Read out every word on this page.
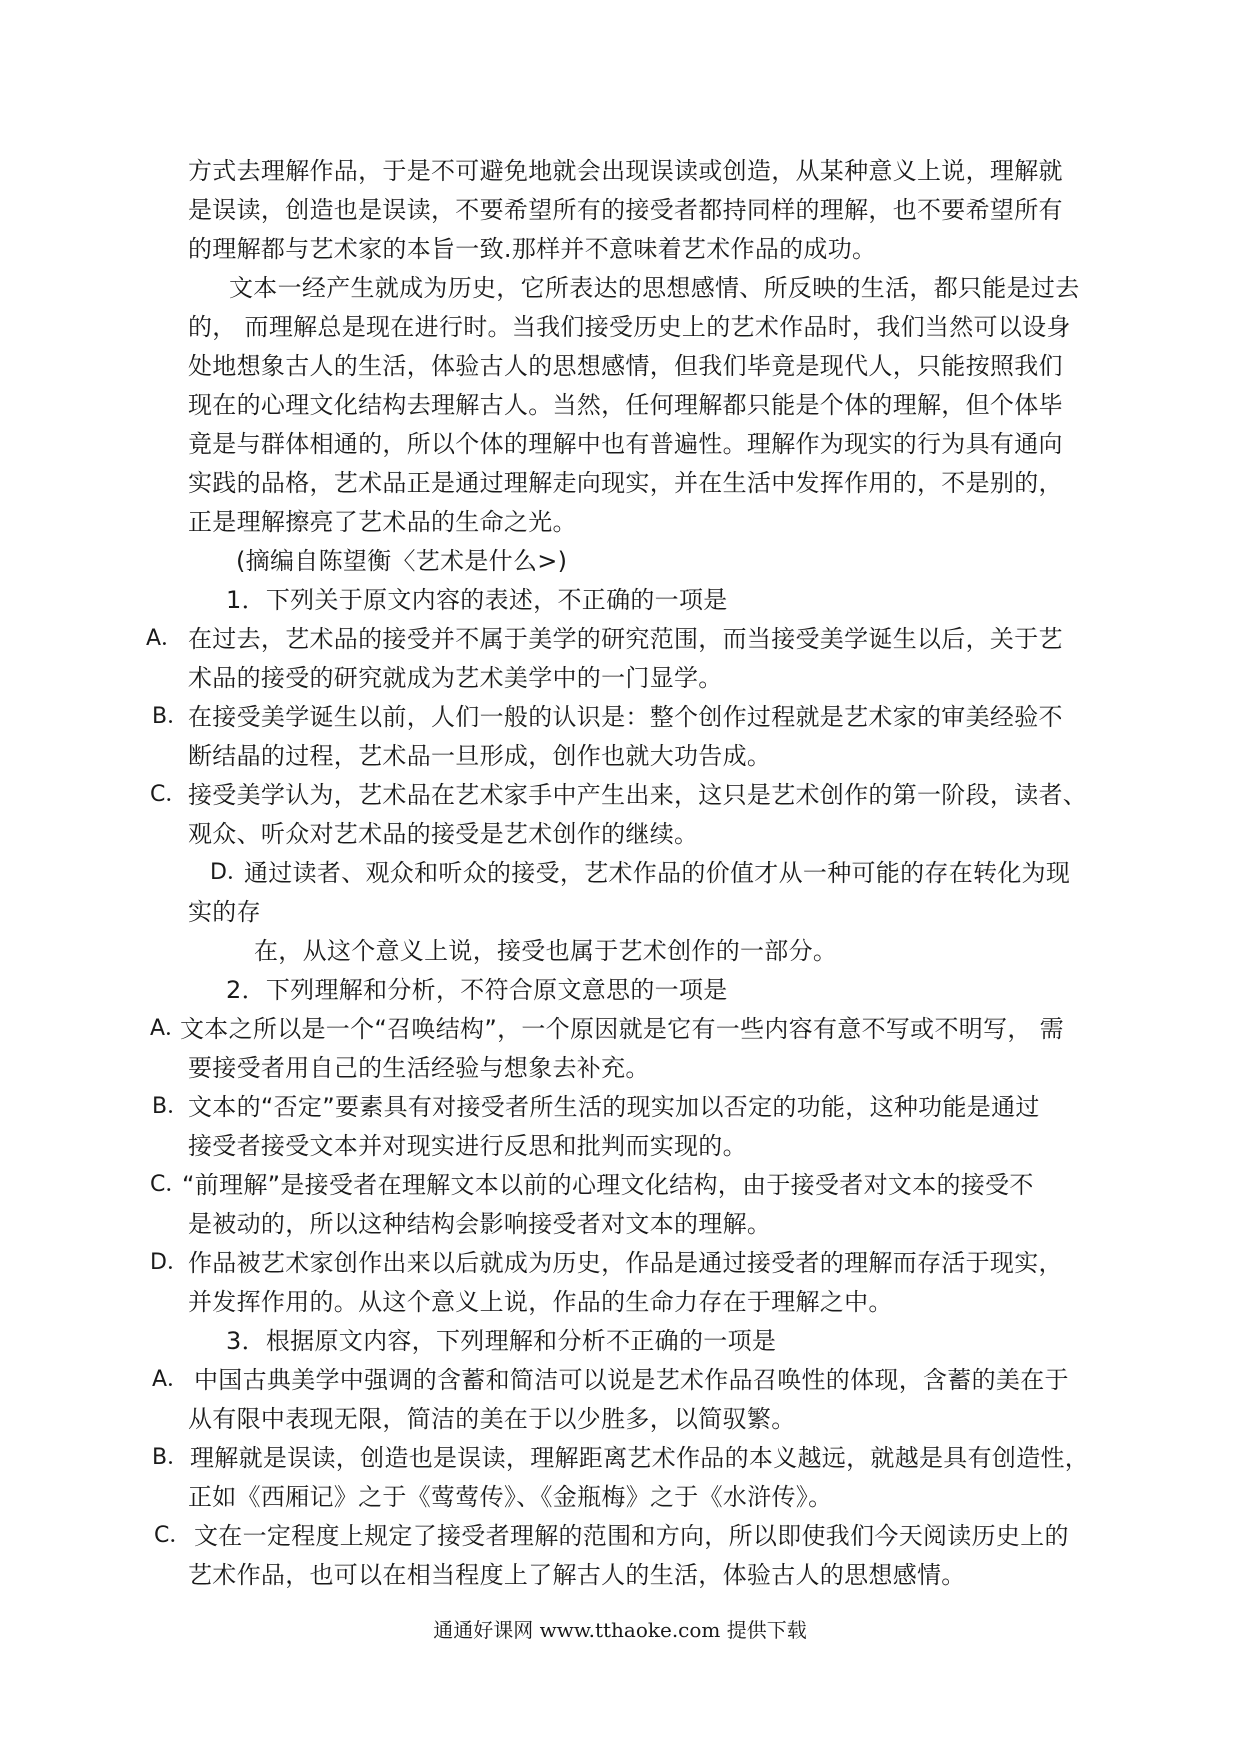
方式去理解作品，于是不可避免地就会出现误读或创造，从某种意义上说，理解就
是误读，创造也是误读，不要希望所有的接受者都持同样的理解，也不要希望所有
的理解都与艺术家的本旨一致.那样并不意味着艺术作品的成功。
文本一经产生就成为历史，它所表达的思想感情、所反映的生活，都只能是过去
的， 而理解总是现在进行时。当我们接受历史上的艺术作品时，我们当然可以设身
处地想象古人的生活，体验古人的思想感情，但我们毕竟是现代人，只能按照我们
现在的心理文化结构去理解古人。当然，任何理解都只能是个体的理解，但个体毕
竟是与群体相通的，所以个体的理解中也有普遍性。理解作为现实的行为具有通向
实践的品格，艺术品正是通过理解走向现实，并在生活中发挥作用的，不是别的，
正是理解擦亮了艺术品的生命之光。
(摘编自陈望衡〈艺术是什么>)
1．下列关于原文内容的表述，不正确的一项是
A． 在过去，艺术品的接受并不属于美学的研究范围，而当接受美学诞生以后，关于艺
术品的接受的研究就成为艺术美学中的一门显学。
B．
在接受美学诞生以前，人们一般的认识是：整个创作过程就是艺术家的审美经验不
断结晶的过程，艺术品一旦形成，创作也就大功告成。
C． 接受美学认为，艺术品在艺术家手中产生出来，这只是艺术创作的第一阶段，读者、
观众、听众对艺术品的接受是艺术创作的继续。
D．
通过读者、观众和听众的接受，艺术作品的价值才从一种可能的存在转化为现
实的存
在，从这个意义上说，接受也属于艺术创作的一部分。
2．下列理解和分析，不符合原文意思的一项是
A．
文本之所以是一个“召唤结构”，一个原因就是它有一些内容有意不写或不明写， 需
要接受者用自己的生活经验与想象去补充。
B．
文本的“否定”要素具有对接受者所生活的现实加以否定的功能，这种功能是通过
接受者接受文本并对现实进行反思和批判而实现的。
C．
“前理解”是接受者在理解文本以前的心理文化结构，由于接受者对文本的接受不
是被动的，所以这种结构会影响接受者对文本的理解。
D． 作品被艺术家创作出来以后就成为历史，作品是通过接受者的理解而存活于现实，
并发挥作用的。从这个意义上说，作品的生命力存在于理解之中。
3．根据原文内容，下列理解和分析不正确的一项是
A． 中国古典美学中强调的含蓄和简洁可以说是艺术作品召唤性的体现，含蓄的美在于
从有限中表现无限，简洁的美在于以少胜多，以简驭繁。
B． 理解就是误读，创造也是误读，理解距离艺术作品的本义越远，就越是具有创造性，
正如《西厢记》之于《莺莺传》、《金瓶梅》之于《水浒传》。
C． 文在一定程度上规定了接受者理解的范围和方向，所以即使我们今天阅读历史上的
艺术作品，也可以在相当程度上了解古人的生活，体验古人的思想感情。
通通好课网 www.tthaoke.com 提供下载
